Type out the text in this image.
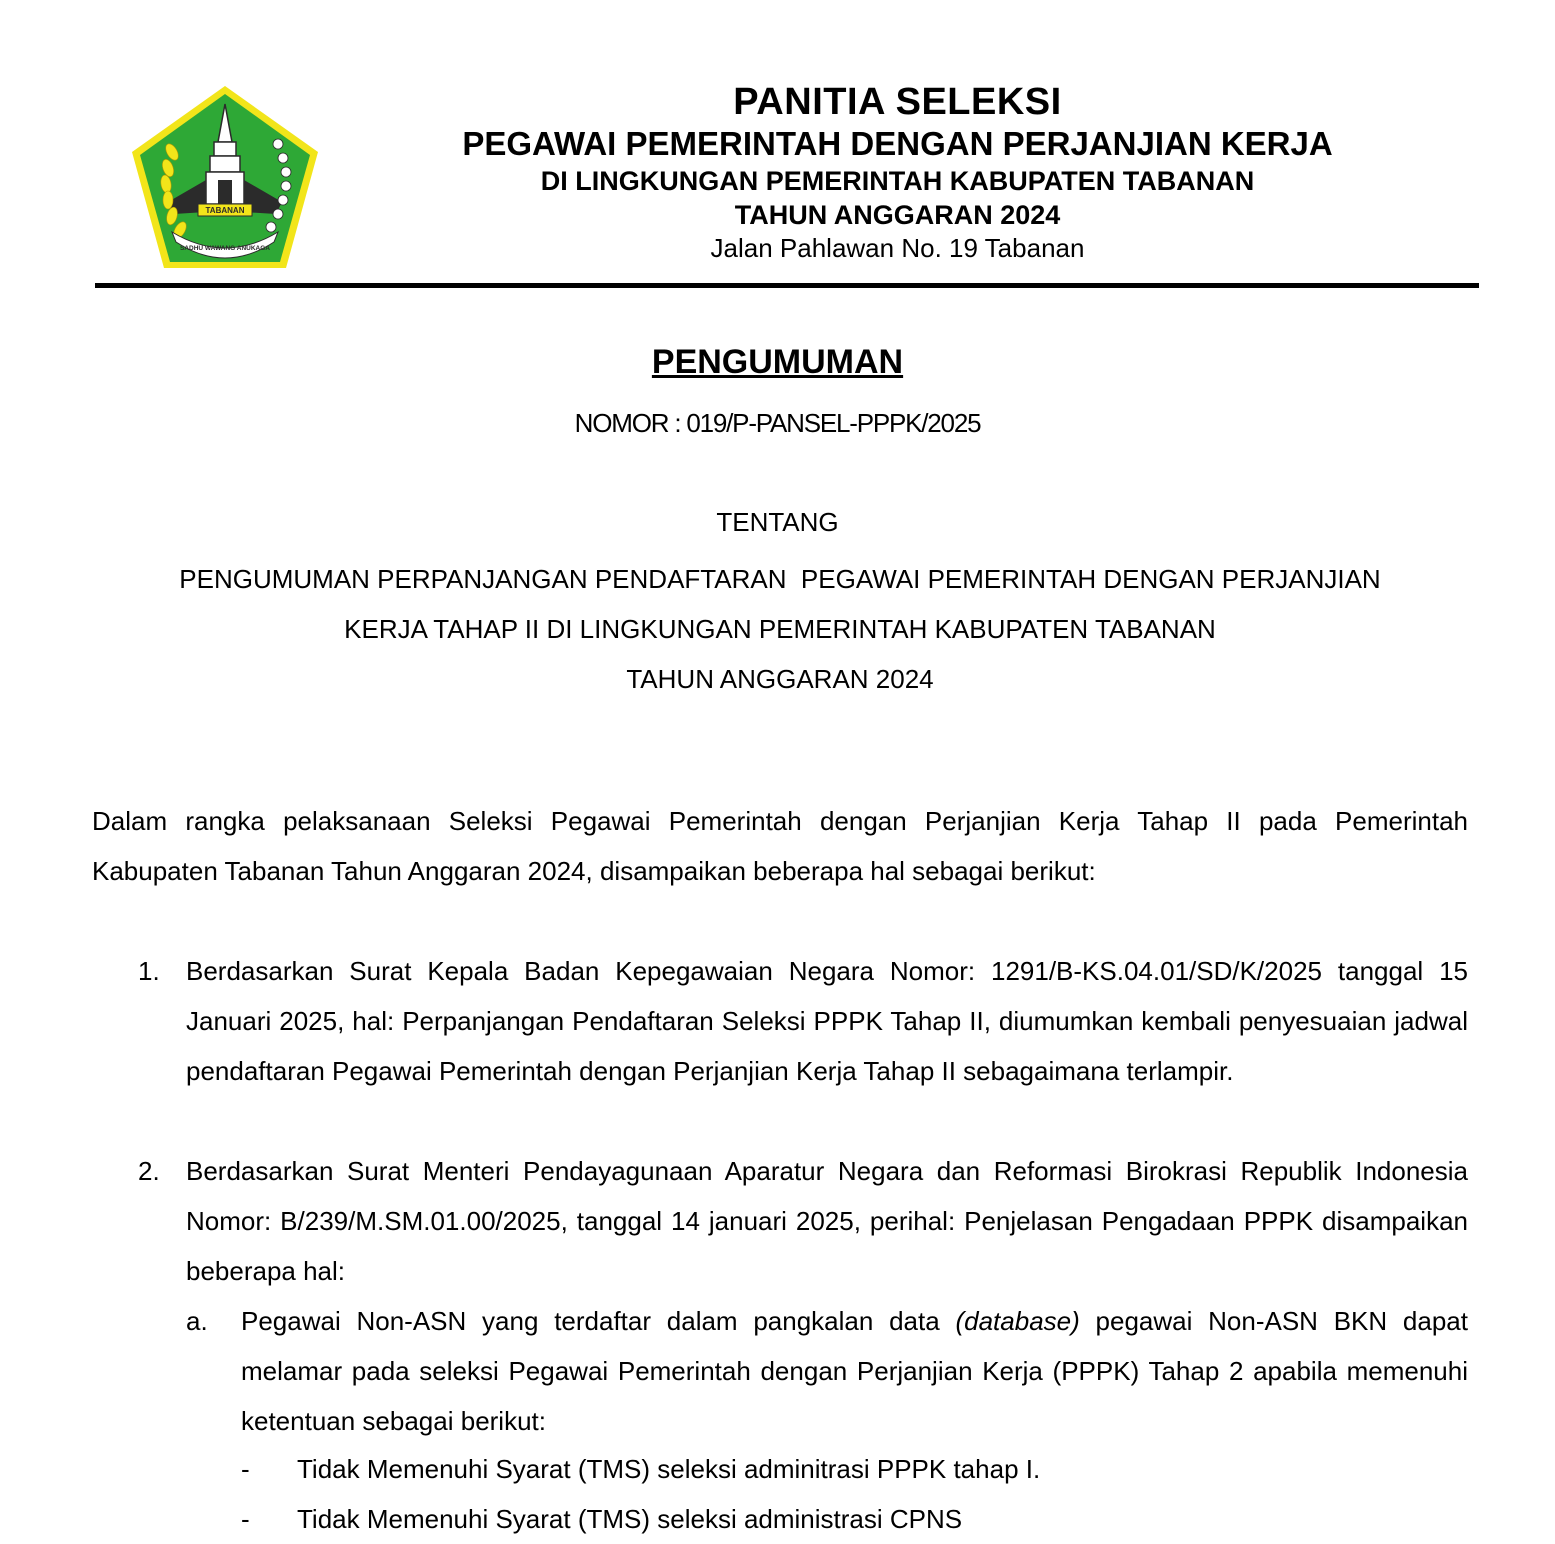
TABANAN
SADHU WAWANG ANUKAGA
PANITIA SELEKSI
PEGAWAI PEMERINTAH DENGAN PERJANJIAN KERJA
DI LINGKUNGAN PEMERINTAH KABUPATEN TABANAN
TAHUN ANGGARAN 2024
Jalan Pahlawan No. 19 Tabanan
PENGUMUMAN
NOMOR : 019/P-PANSEL-PPPK/2025
TENTANG
PENGUMUMAN PERPANJANGAN PENDAFTARAN  PEGAWAI PEMERINTAH DENGAN PERJANJIAN
KERJA TAHAP II DI LINGKUNGAN PEMERINTAH KABUPATEN TABANAN
TAHUN ANGGARAN 2024
Dalam rangka pelaksanaan Seleksi Pegawai Pemerintah dengan Perjanjian Kerja Tahap II pada Pemerintah Kabupaten Tabanan Tahun Anggaran 2024, disampaikan beberapa hal sebagai berikut:
1. Berdasarkan Surat Kepala Badan Kepegawaian Negara Nomor: 1291/B-KS.04.01/SD/K/2025 tanggal 15 Januari 2025, hal: Perpanjangan Pendaftaran Seleksi PPPK Tahap II, diumumkan kembali penyesuaian jadwal pendaftaran Pegawai Pemerintah dengan Perjanjian Kerja Tahap II sebagaimana terlampir.
2. Berdasarkan Surat Menteri Pendayagunaan Aparatur Negara dan Reformasi Birokrasi Republik Indonesia Nomor: B/239/M.SM.01.00/2025, tanggal 14 januari 2025, perihal: Penjelasan Pengadaan PPPK disampaikan beberapa hal:
a. Pegawai Non-ASN yang terdaftar dalam pangkalan data (database) pegawai Non-ASN BKN dapat melamar pada seleksi Pegawai Pemerintah dengan Perjanjian Kerja (PPPK) Tahap 2 apabila memenuhi ketentuan sebagai berikut:
- Tidak Memenuhi Syarat (TMS) seleksi adminitrasi PPPK tahap I.
- Tidak Memenuhi Syarat (TMS) seleksi administrasi CPNS
